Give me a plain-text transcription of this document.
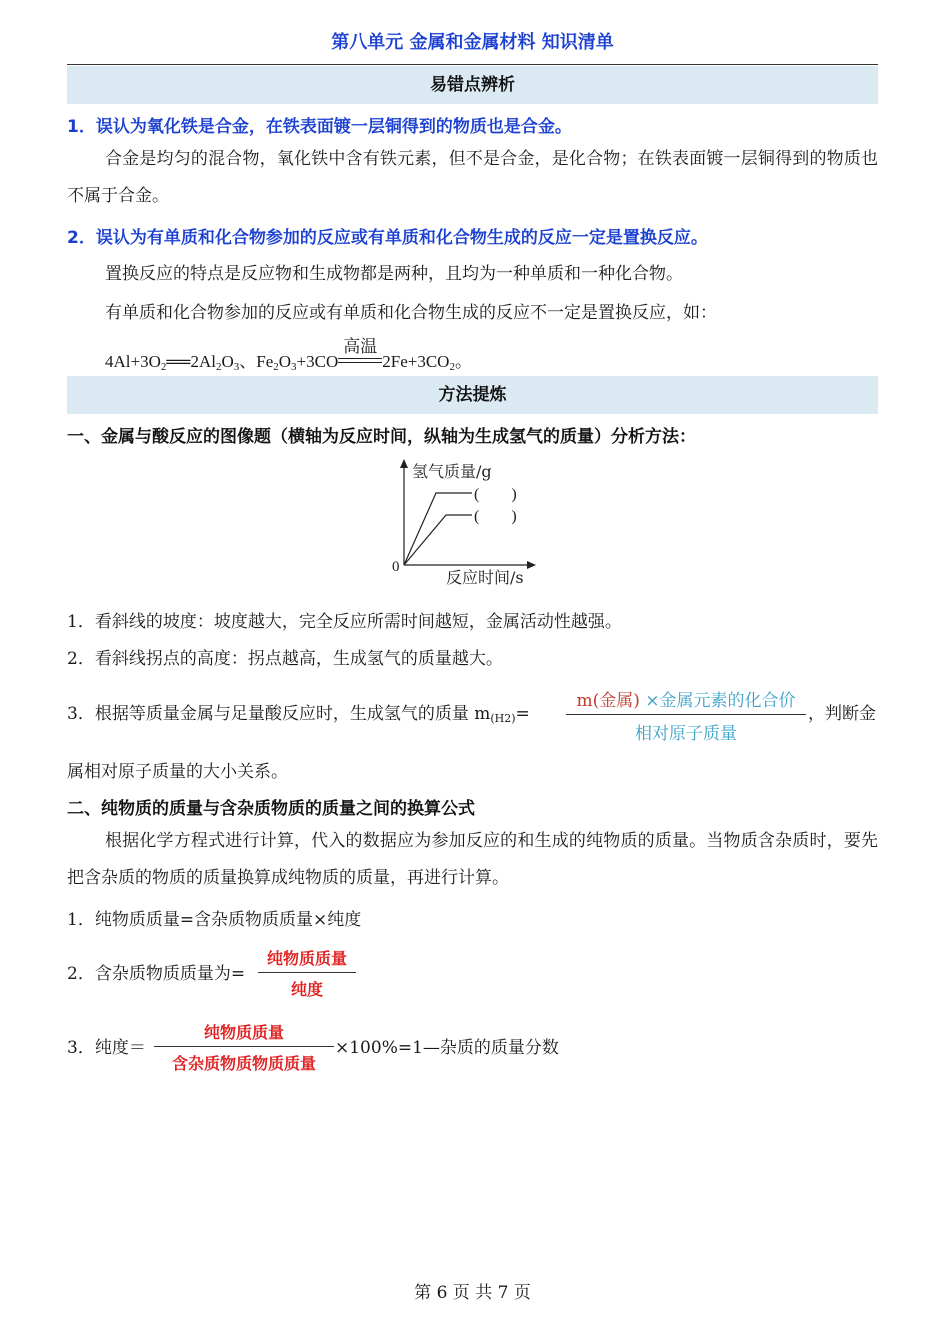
第八单元 金属和金属材料 知识清单
易错点辨析
1．误认为氧化铁是合金，在铁表面镀一层铜得到的物质也是合金。
合金是均匀的混合物，氧化铁中含有铁元素，但不是合金，是化合物；在铁表面镀一层铜得到的物质也不属于合金。
2．误认为有单质和化合物参加的反应或有单质和化合物生成的反应一定是置换反应。
置换反应的特点是反应物和生成物都是两种，且均为一种单质和一种化合物。
有单质和化合物参加的反应或有单质和化合物生成的反应不一定是置换反应，如：
$4Al+3O_2══2Al_2O_3$、$Fe_2O_3+3CO$
高温
$2Fe+3CO_2$。
方法提炼
一、金属与酸反应的图像题（横轴为反应时间，纵轴为生成氢气的质量）分析方法：
氢气质量/g
反应时间/s
0
(        )
(        )
1．看斜线的坡度：坡度越大，完全反应所需时间越短，金属活动性越强。
2．看斜线拐点的高度：拐点越高，生成氢气的质量越大。
3．根据等质量金属与足量酸反应时，生成氢气的质量 $m_{(H2)}=$
m(金属) ×金属元素的化合价
相对原子质量
，判断金
属相对原子质量的大小关系。
二、纯物质的质量与含杂质物质的质量之间的换算公式
根据化学方程式进行计算，代入的数据应为参加反应的和生成的纯物质的质量。当物质含杂质时，要先把含杂质的物质的质量换算成纯物质的质量，再进行计算。
1．纯物质质量=含杂质物质质量×纯度
2．含杂质物质质量为=
纯物质质量
纯度
3．纯度＝
纯物质质量
含杂质物质物质质量
×100%=1—杂质的质量分数
第 6 页 共 7 页
